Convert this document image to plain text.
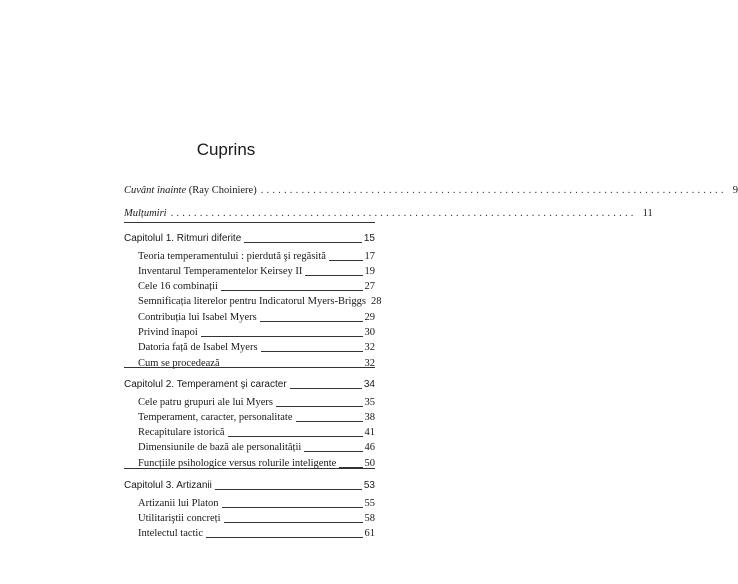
Cuprins
Cuvânt înainte (Ray Choiniere) ................................................................................ 9
Mulțumiri ................................................................................ 11
Capitolul 1. Ritmuri diferite	15
Teoria temperamentului : pierdută şi regăsită	17
Inventarul Temperamentelor Keirsey II	19
Cele 16 combinații	27
Semnificația literelor pentru Indicatorul Myers-Briggs 28
Contribuția lui Isabel Myers	29
Privind înapoi	30
Datoria față de Isabel Myers	32
Cum se procedează	32
Capitolul 2. Temperament şi caracter	34
Cele patru grupuri ale lui Myers	35
Temperament, caracter, personalitate	38
Recapitulare istorică	41
Dimensiunile de bază ale personalității	46
Funcțiile psihologice versus rolurile inteligente	50
Capitolul 3. Artizanii	53
Artizanii lui Platon	55
Utilitariştii concreți	58
Intelectul tactic	61
